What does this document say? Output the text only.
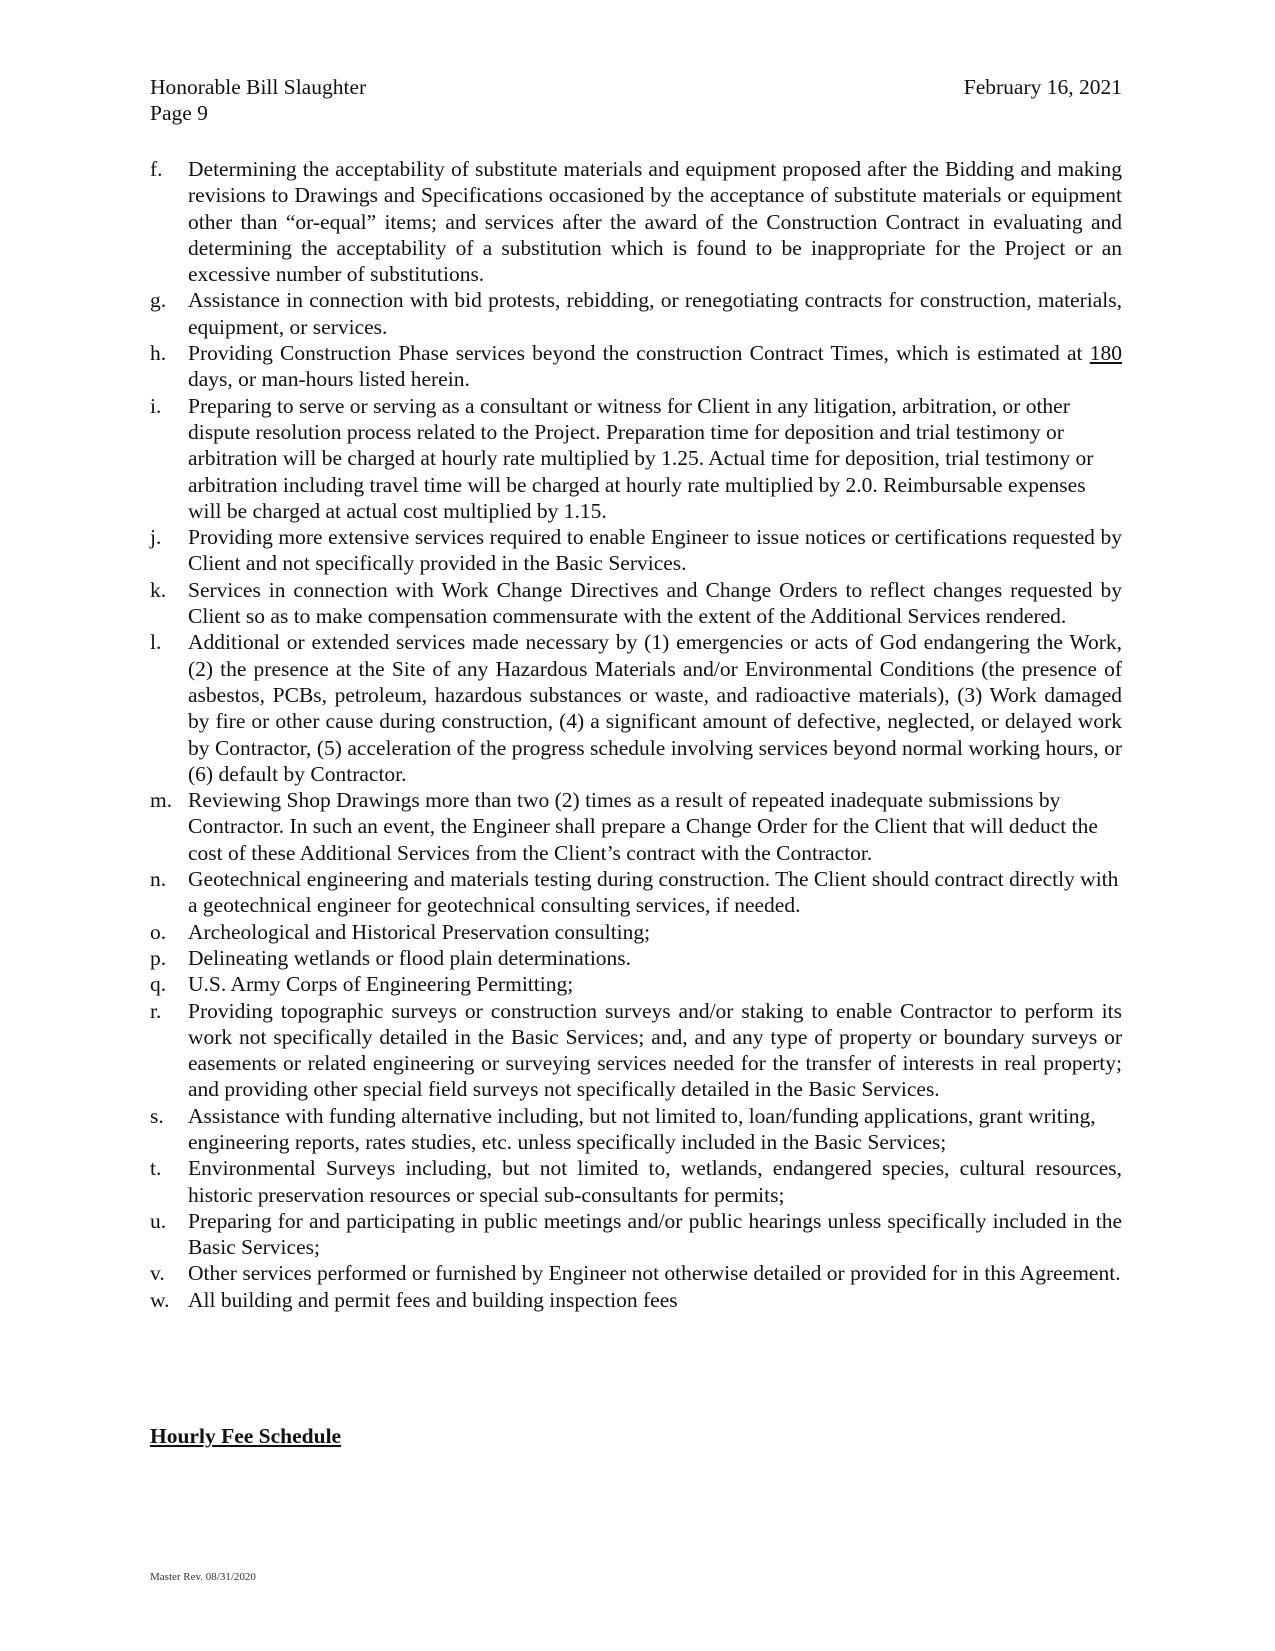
Honorable Bill Slaughter	February 16, 2021
Page 9
f.	Determining the acceptability of substitute materials and equipment proposed after the Bidding and making revisions to Drawings and Specifications occasioned by the acceptance of substitute materials or equipment other than “or-equal” items; and services after the award of the Construction Contract in evaluating and determining the acceptability of a substitution which is found to be inappropriate for the Project or an excessive number of substitutions.
g.	Assistance in connection with bid protests, rebidding, or renegotiating contracts for construction, materials, equipment, or services.
h.	Providing Construction Phase services beyond the construction Contract Times, which is estimated at 180 days, or man-hours listed herein.
i.	Preparing to serve or serving as a consultant or witness for Client in any litigation, arbitration, or other dispute resolution process related to the Project. Preparation time for deposition and trial testimony or arbitration will be charged at hourly rate multiplied by 1.25. Actual time for deposition, trial testimony or arbitration including travel time will be charged at hourly rate multiplied by 2.0. Reimbursable expenses will be charged at actual cost multiplied by 1.15.
j.	Providing more extensive services required to enable Engineer to issue notices or certifications requested by Client and not specifically provided in the Basic Services.
k.	Services in connection with Work Change Directives and Change Orders to reflect changes requested by Client so as to make compensation commensurate with the extent of the Additional Services rendered.
l.	Additional or extended services made necessary by (1) emergencies or acts of God endangering the Work, (2) the presence at the Site of any Hazardous Materials and/or Environmental Conditions (the presence of asbestos, PCBs, petroleum, hazardous substances or waste, and radioactive materials), (3) Work damaged by fire or other cause during construction, (4) a significant amount of defective, neglected, or delayed work by Contractor, (5) acceleration of the progress schedule involving services beyond normal working hours, or (6) default by Contractor.
m. Reviewing Shop Drawings more than two (2) times as a result of repeated inadequate submissions by Contractor. In such an event, the Engineer shall prepare a Change Order for the Client that will deduct the cost of these Additional Services from the Client’s contract with the Contractor.
n.	Geotechnical engineering and materials testing during construction. The Client should contract directly with a geotechnical engineer for geotechnical consulting services, if needed.
o.	Archeological and Historical Preservation consulting;
p.	Delineating wetlands or flood plain determinations.
q.	U.S. Army Corps of Engineering Permitting;
r.	Providing topographic surveys or construction surveys and/or staking to enable Contractor to perform its work not specifically detailed in the Basic Services; and, and any type of property or boundary surveys or easements or related engineering or surveying services needed for the transfer of interests in real property; and providing other special field surveys not specifically detailed in the Basic Services.
s.	Assistance with funding alternative including, but not limited to, loan/funding applications, grant writing, engineering reports, rates studies, etc. unless specifically included in the Basic Services;
t.	Environmental Surveys including, but not limited to, wetlands, endangered species, cultural resources, historic preservation resources or special sub-consultants for permits;
u.	Preparing for and participating in public meetings and/or public hearings unless specifically included in the Basic Services;
v.	Other services performed or furnished by Engineer not otherwise detailed or provided for in this Agreement.
w. All building and permit fees and building inspection fees
Hourly Fee Schedule
Master Rev. 08/31/2020
